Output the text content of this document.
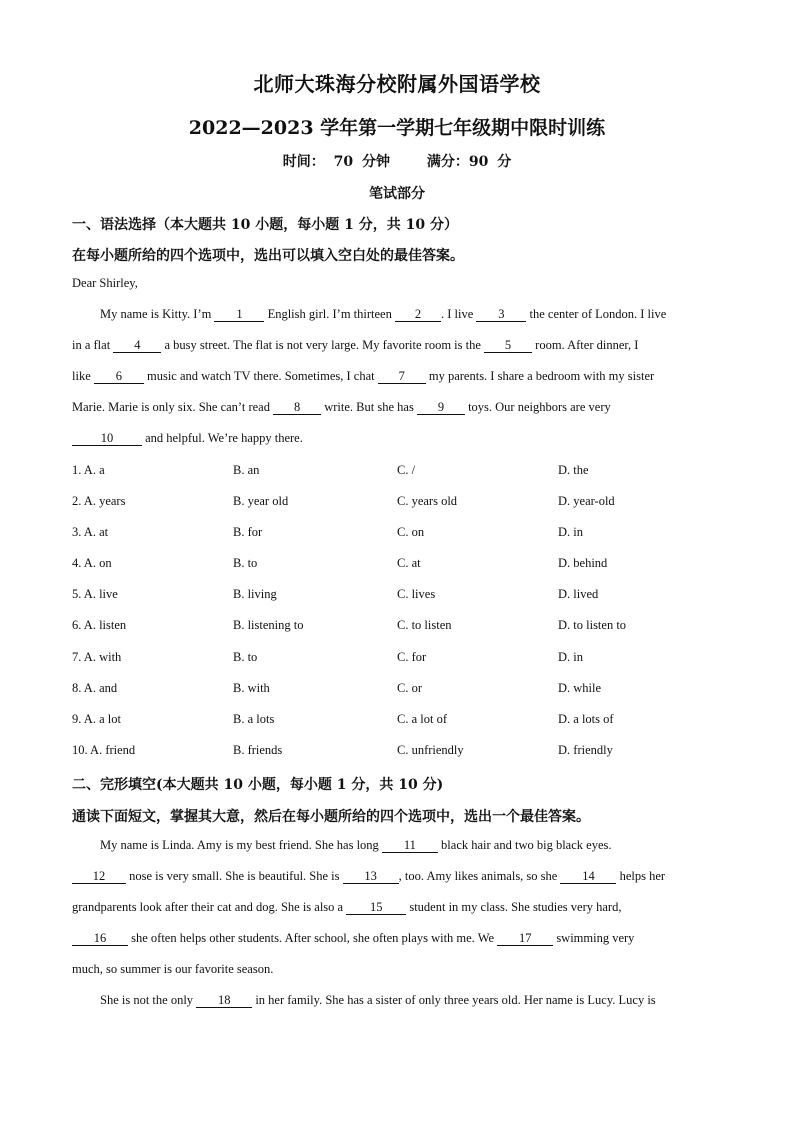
北师大珠海分校附属外国语学校
2022—2023 学年第一学期七年级期中限时训练
时间： 70 分钟	满分：90 分
笔试部分
一、语法选择（本大题共 10 小题，每小题 1 分，共 10 分）
在每小题所给的四个选项中，选出可以填入空白处的最佳答案。
Dear Shirley,
My name is Kitty. I’m 1 English girl. I’m thirteen 2 . I live 3 the center of London. I live
in a flat 4 a busy street. The flat is not very large. My favorite room is the 5 room. After dinner, I
like 6 music and watch TV there. Sometimes, I chat 7 my parents. I share a bedroom with my sister
Marie. Marie is only six. She can’t read 8 write. But she has 9 toys. Our neighbors are very
10 and helpful. We’re happy there.
1. A. a	B. an	C. /	D. the
2. A. years	B. year old	C. years old	D. year-old
3. A. at	B. for	C. on	D. in
4. A. on	B. to	C. at	D. behind
5. A. live	B. living	C. lives	D. lived
6. A. listen	B. listening to	C. to listen	D. to listen to
7. A. with	B. to	C. for	D. in
8. A. and	B. with	C. or	D. while
9. A. a lot	B. a lots	C. a lot of	D. a lots of
10. A. friend	B. friends	C. unfriendly	D. friendly
二、完形填空(本大题共 10 小题，每小题 1 分，共 10 分)
通读下面短文，掌握其大意，然后在每小题所给的四个选项中，选出一个最佳答案。
My name is Linda. Amy is my best friend. She has long 11 black hair and two big black eyes.
12 nose is very small. She is beautiful. She is 13 , too. Amy likes animals, so she 14 helps her
grandparents look after their cat and dog. She is also a 15 student in my class. She studies very hard,
16 she often helps other students. After school, she often plays with me. We 17 swimming very
much, so summer is our favorite season.
She is not the only 18 in her family. She has a sister of only three years old. Her name is Lucy. Lucy is
